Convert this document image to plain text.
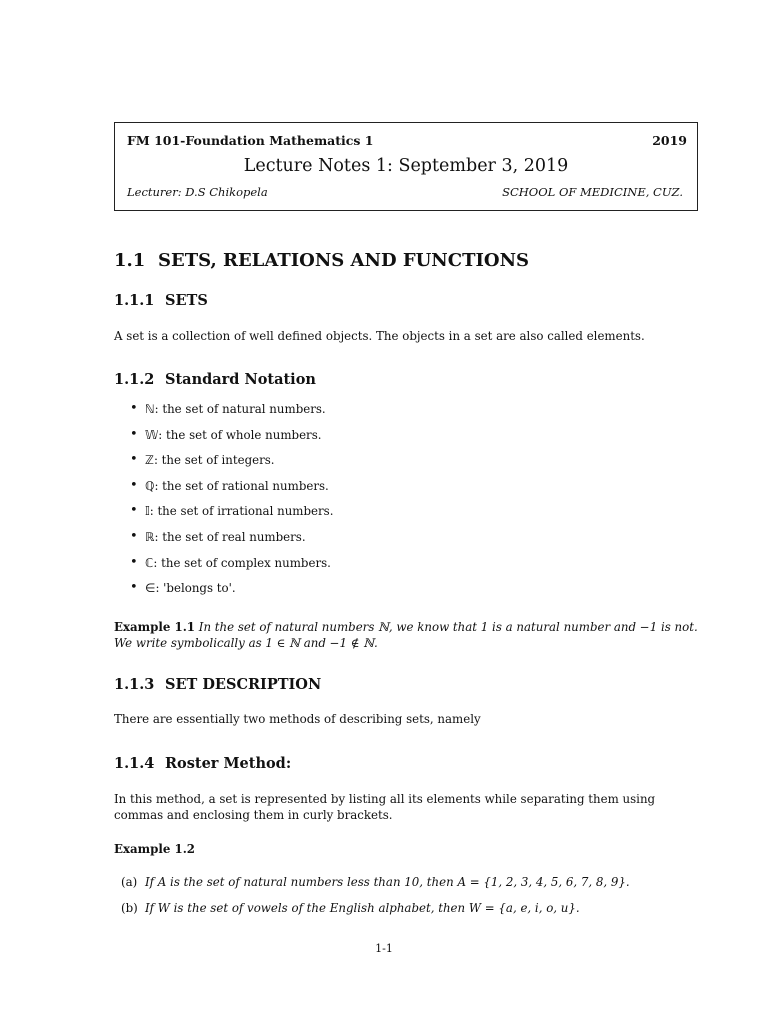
FM 101-Foundation Mathematics 1	2019
Lecture Notes 1: September 3, 2019
Lecturer: D.S Chikopela	SCHOOL OF MEDICINE, CUZ.
1.1 SETS, RELATIONS AND FUNCTIONS
1.1.1 SETS
A set is a collection of well defined objects. The objects in a set are also called elements.
1.1.2 Standard Notation
• ℕ: the set of natural numbers.
• 𝕎: the set of whole numbers.
• ℤ: the set of integers.
• ℚ: the set of rational numbers.
• 𝕀: the set of irrational numbers.
• ℝ: the set of real numbers.
• ℂ: the set of complex numbers.
• ∈: 'belongs to'.
Example 1.1 In the set of natural numbers ℕ, we know that 1 is a natural number and −1 is not. We write symbolically as 1 ∈ ℕ and −1 ∉ ℕ.
1.1.3 SET DESCRIPTION
There are essentially two methods of describing sets, namely
1.1.4 Roster Method:
In this method, a set is represented by listing all its elements while separating them using commas and enclosing them in curly brackets.
Example 1.2
(a) If A is the set of natural numbers less than 10, then A = {1, 2, 3, 4, 5, 6, 7, 8, 9}.
(b) If W is the set of vowels of the English alphabet, then W = {a, e, i, o, u}.
1-1
